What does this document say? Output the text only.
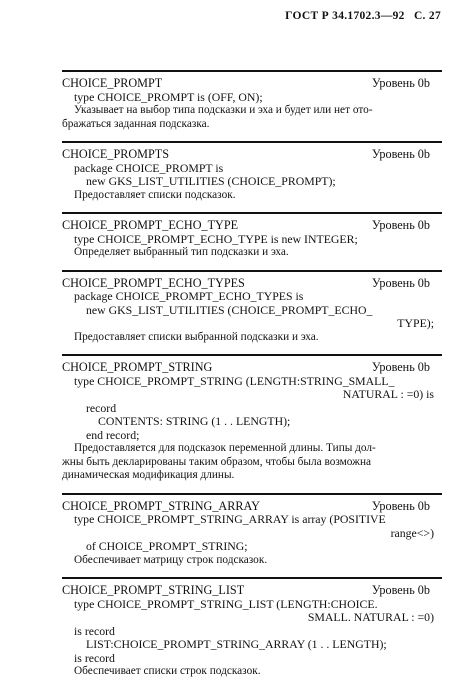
ГОСТ Р 34.1702.3—92 С. 27
CHOICE_PROMPT	Уровень 0b
type CHOICE_PROMPT is (OFF, ON);
Указывает на выбор типа подсказки и эха и будет или нет ото-
бражаться заданная подсказка.
CHOICE_PROMPTS	Уровень 0b
package CHOICE_PROMPT is
new GKS_LIST_UTILITIES (CHOICE_PROMPT);
Предоставляет списки подсказок.
CHOICE_PROMPT_ECHO_TYPE	Уровень 0b
type CHOICE_PROMPT_ECHO_TYPE is new INTEGER;
Определяет выбранный тип подсказки и эха.
CHOICE_PROMPT_ECHO_TYPES	Уровень 0b
package CHOICE_PROMPT_ECHO_TYPES is
new GKS_LIST_UTILITIES (CHOICE_PROMPT_ECHO_
TYPE);
Предоставляет списки выбранной подсказки и эха.
CHOICE_PROMPT_STRING	Уровень 0b
type CHOICE_PROMPT_STRING (LENGTH:STRING_SMALL_
NATURAL : =0) is
record
CONTENTS: STRING (1 . . LENGTH);
end record;
Предоставляется для подсказок переменной длины. Типы дол-
жны быть декларированы таким образом, чтобы была возможна
динамическая модификация длины.
CHOICE_PROMPT_STRING_ARRAY	Уровень 0b
type CHOICE_PROMPT_STRING_ARRAY is array (POSITIVE
range<>)
of CHOICE_PROMPT_STRING;
Обеспечивает матрицу строк подсказок.
CHOICE_PROMPT_STRING_LIST	Уровень 0b
type CHOICE_PROMPT_STRING_LIST (LENGTH:CHOICE.
SMALL. NATURAL : =0)
is record
LIST:CHOICE_PROMPT_STRING_ARRAY (1 . . LENGTH);
is record
Обеспечивает списки строк подсказок.
